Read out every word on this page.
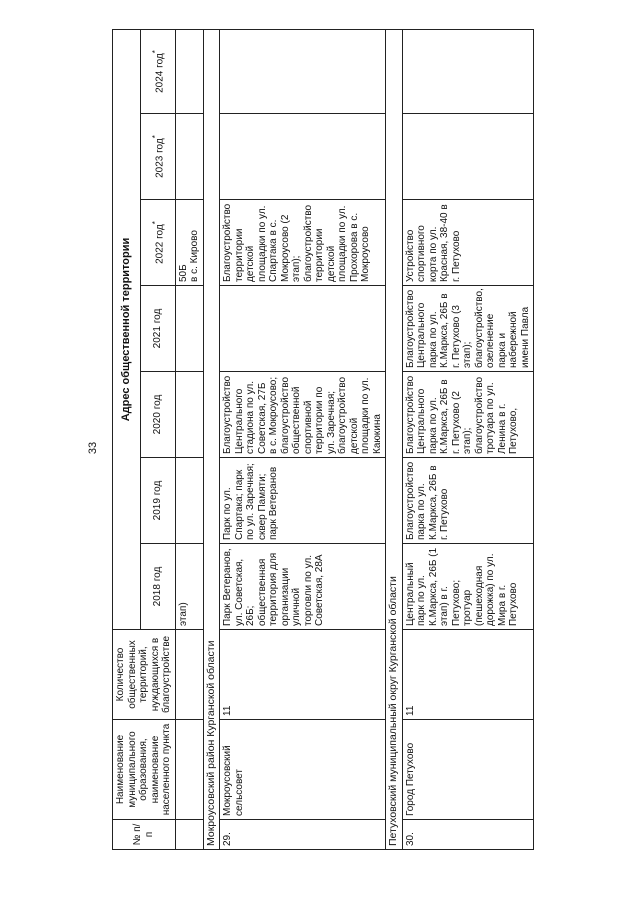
33
№ п/п	Наименование муниципального образования, наименование населенного пункта	Количество общественных территорий, нуждающихся в благоустройстве	Адрес общественной территории						
			2018 год	2019 год	2020 год	2021 год	2022 год*	2023 год*	2024 год*
			этап)				50Б
в с. Кирово		
Мокроусовский район Курганской области									
29.	Мокроусовский сельсовет	11	Парк Ветеранов, ул. Советская, 26Б; общественная территория для организации уличной торговли по ул. Советская, 28А	Парк по ул. Спартака; парк по ул. Заречная; сквер Памяти; парк Ветеранов	Благоустройство Центрального стадиона по ул. Советская, 27Б в с. Мокроусово; благоустройство общественной спортивной территории по ул. Заречная; благоустройство детской площадки по ул. Каюкина		Благоустройство территории детской площадки по ул. Спартака в с. Мокроусово (2 этап); благоустройство территории детской площадки по ул. Прохорова в с. Мокроусово		
Петуховский муниципальный округ Курганской области									
30.	Город Петухово	11	Центральный парк по ул. К.Маркса, 26Б (1 этап) в г. Петухово; тротуар (пешеходная дорожка) по ул. Мира в г. Петухово	Благоустройство парка по ул. К.Маркса, 26Б в г. Петухово	Благоустройство Центрального парка по ул. К.Маркса, 26Б в г. Петухово (2 этап); благоустройство тротуара по ул. Ленина в г. Петухово,	Благоустройство Центрального парка по ул. К.Маркса, 26Б в г. Петухово (3 этап); благоустройство, озеленение парка и набережной имени Павла	Устройство спортивного корта по ул. Красная, 38-40 в г. Петухово		
